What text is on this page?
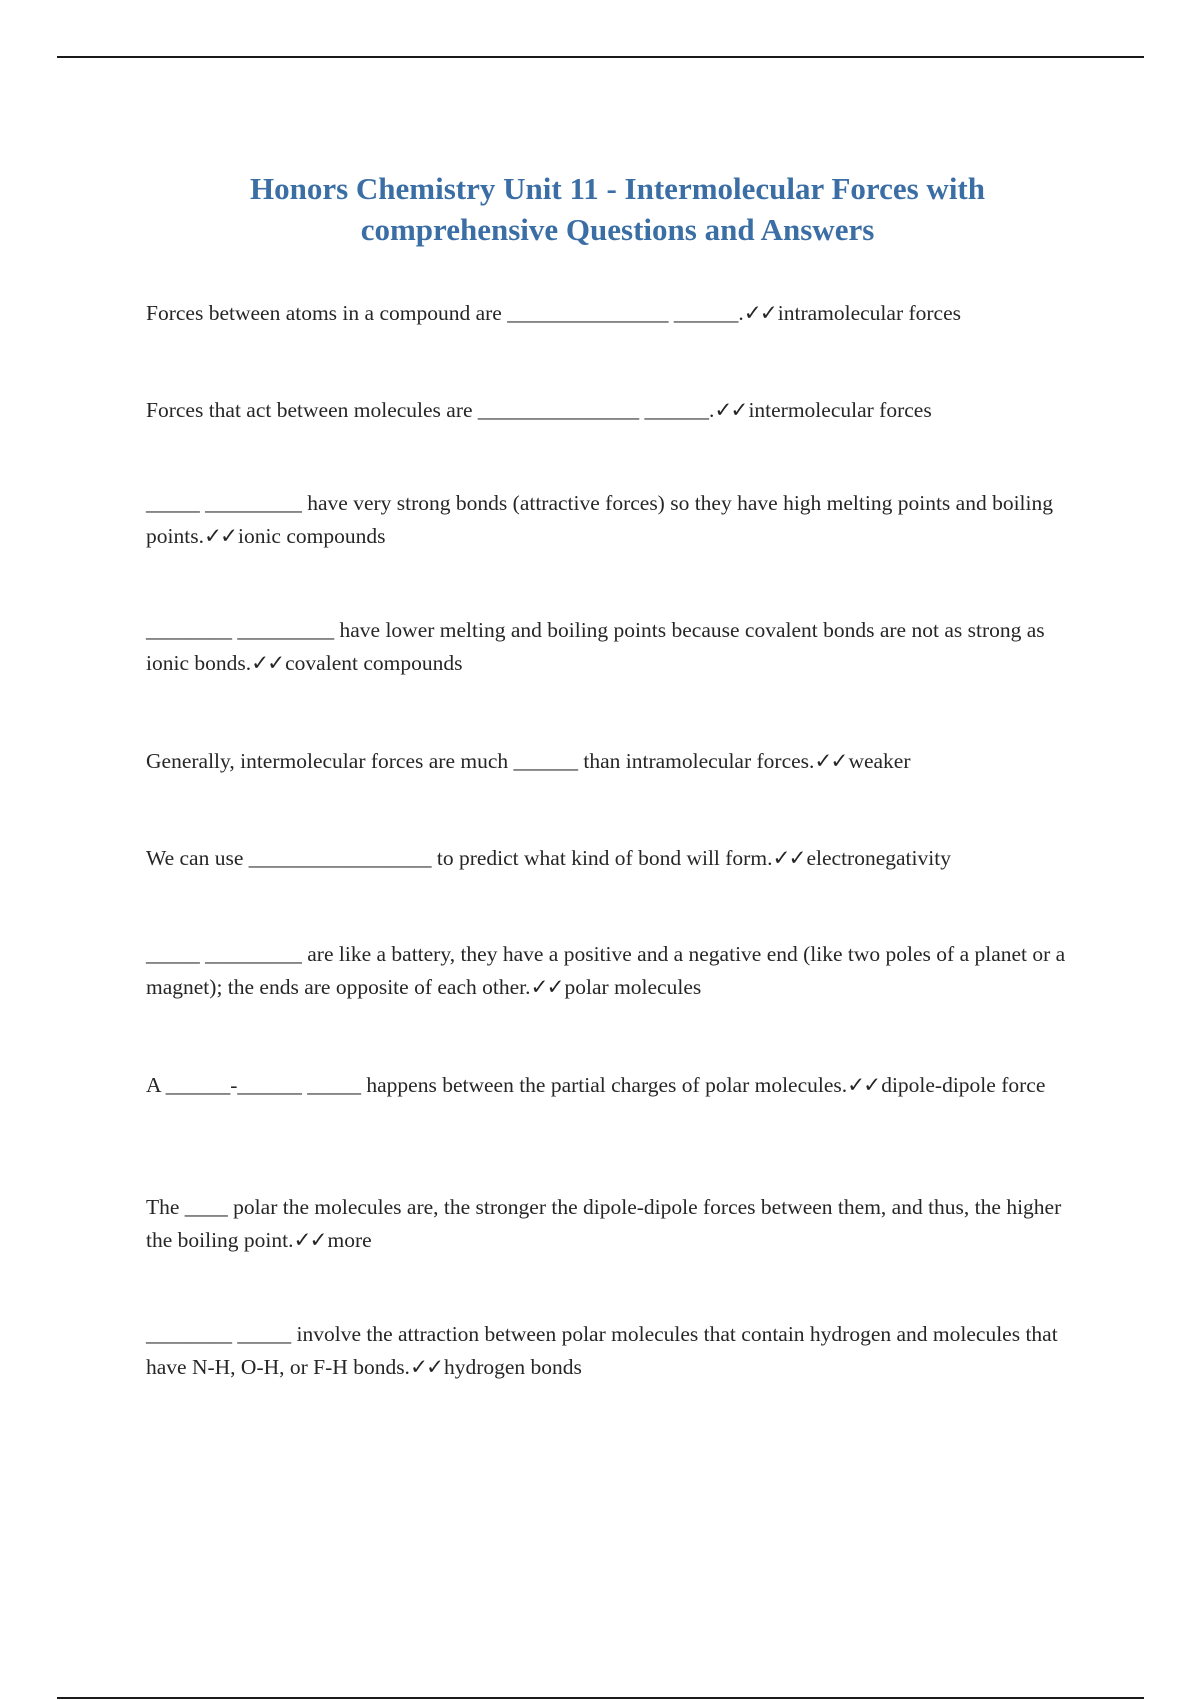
Honors Chemistry Unit 11 - Intermolecular Forces with
comprehensive Questions and Answers

Forces between atoms in a compound are _______________ ______.✓✓intramolecular forces

Forces that act between molecules are _______________ ______.✓✓intermolecular forces

_____ _________ have very strong bonds (attractive forces) so they have high melting points and boiling points.✓✓ionic compounds

________ _________ have lower melting and boiling points because covalent bonds are not as strong as ionic bonds.✓✓covalent compounds

Generally, intermolecular forces are much ______ than intramolecular forces.✓✓weaker

We can use _________________ to predict what kind of bond will form.✓✓electronegativity

_____ _________ are like a battery, they have a positive and a negative end (like two poles of a planet or a magnet); the ends are opposite of each other.✓✓polar molecules

A ______-______ _____ happens between the partial charges of polar molecules.✓✓dipole-dipole force

The ____ polar the molecules are, the stronger the dipole-dipole forces between them, and thus, the higher the boiling point.✓✓more

________ _____ involve the attraction between polar molecules that contain hydrogen and molecules that have N-H, O-H, or F-H bonds.✓✓hydrogen bonds
